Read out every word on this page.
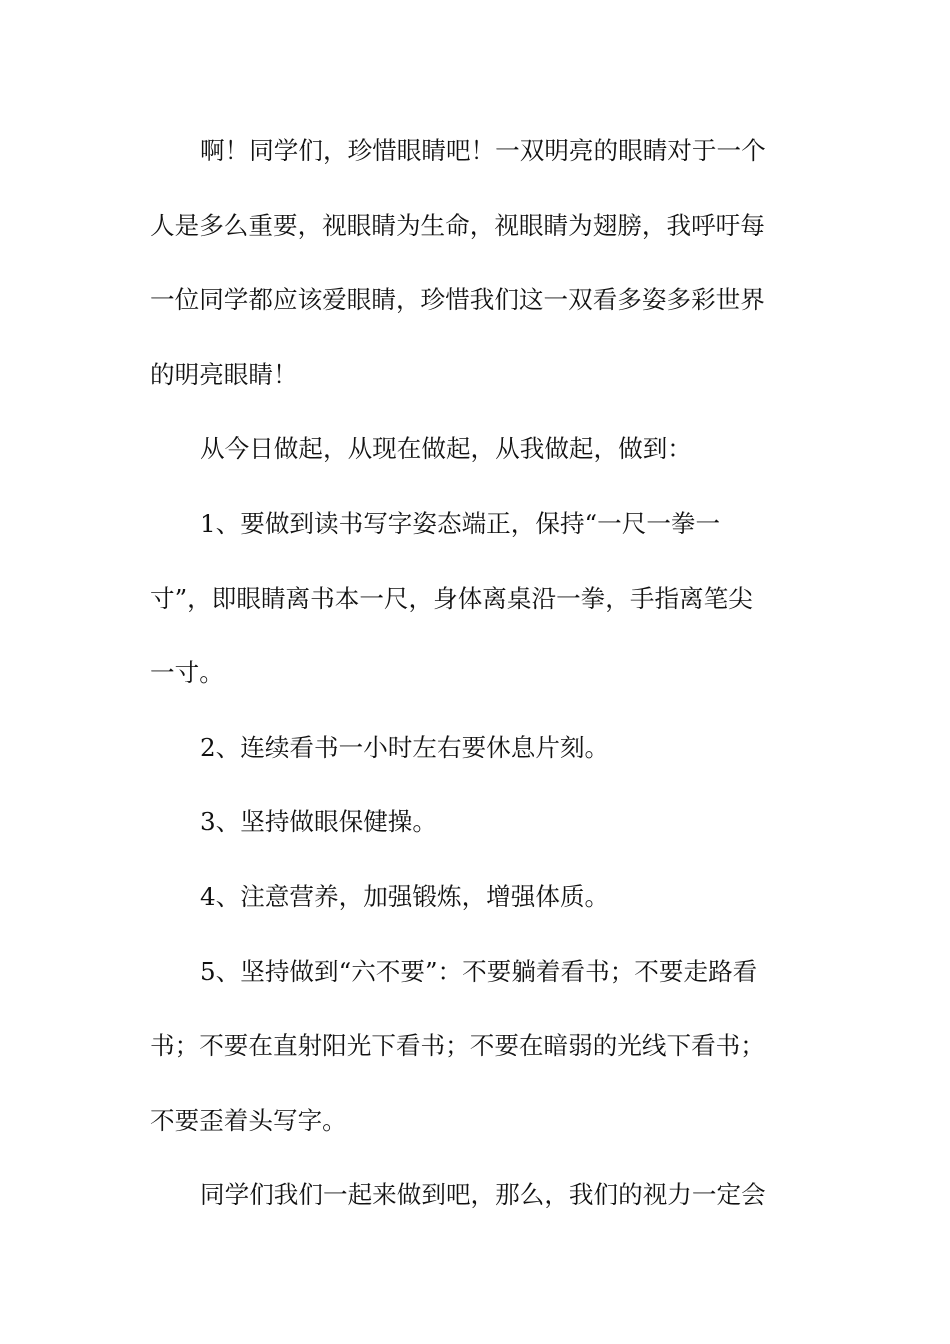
啊！同学们，珍惜眼睛吧！一双明亮的眼睛对于一个
人是多么重要，视眼睛为生命，视眼睛为翅膀，我呼吁每
一位同学都应该爱眼睛，珍惜我们这一双看多姿多彩世界
的明亮眼睛！
从今日做起，从现在做起，从我做起，做到：
1、要做到读书写字姿态端正，保持“一尺一拳一
寸”，即眼睛离书本一尺，身体离桌沿一拳，手指离笔尖
一寸。
2、连续看书一小时左右要休息片刻。
3、坚持做眼保健操。
4、注意营养，加强锻炼，增强体质。
5、坚持做到“六不要”：不要躺着看书；不要走路看
书；不要在直射阳光下看书；不要在暗弱的光线下看书；
不要歪着头写字。
同学们我们一起来做到吧，那么，我们的视力一定会
